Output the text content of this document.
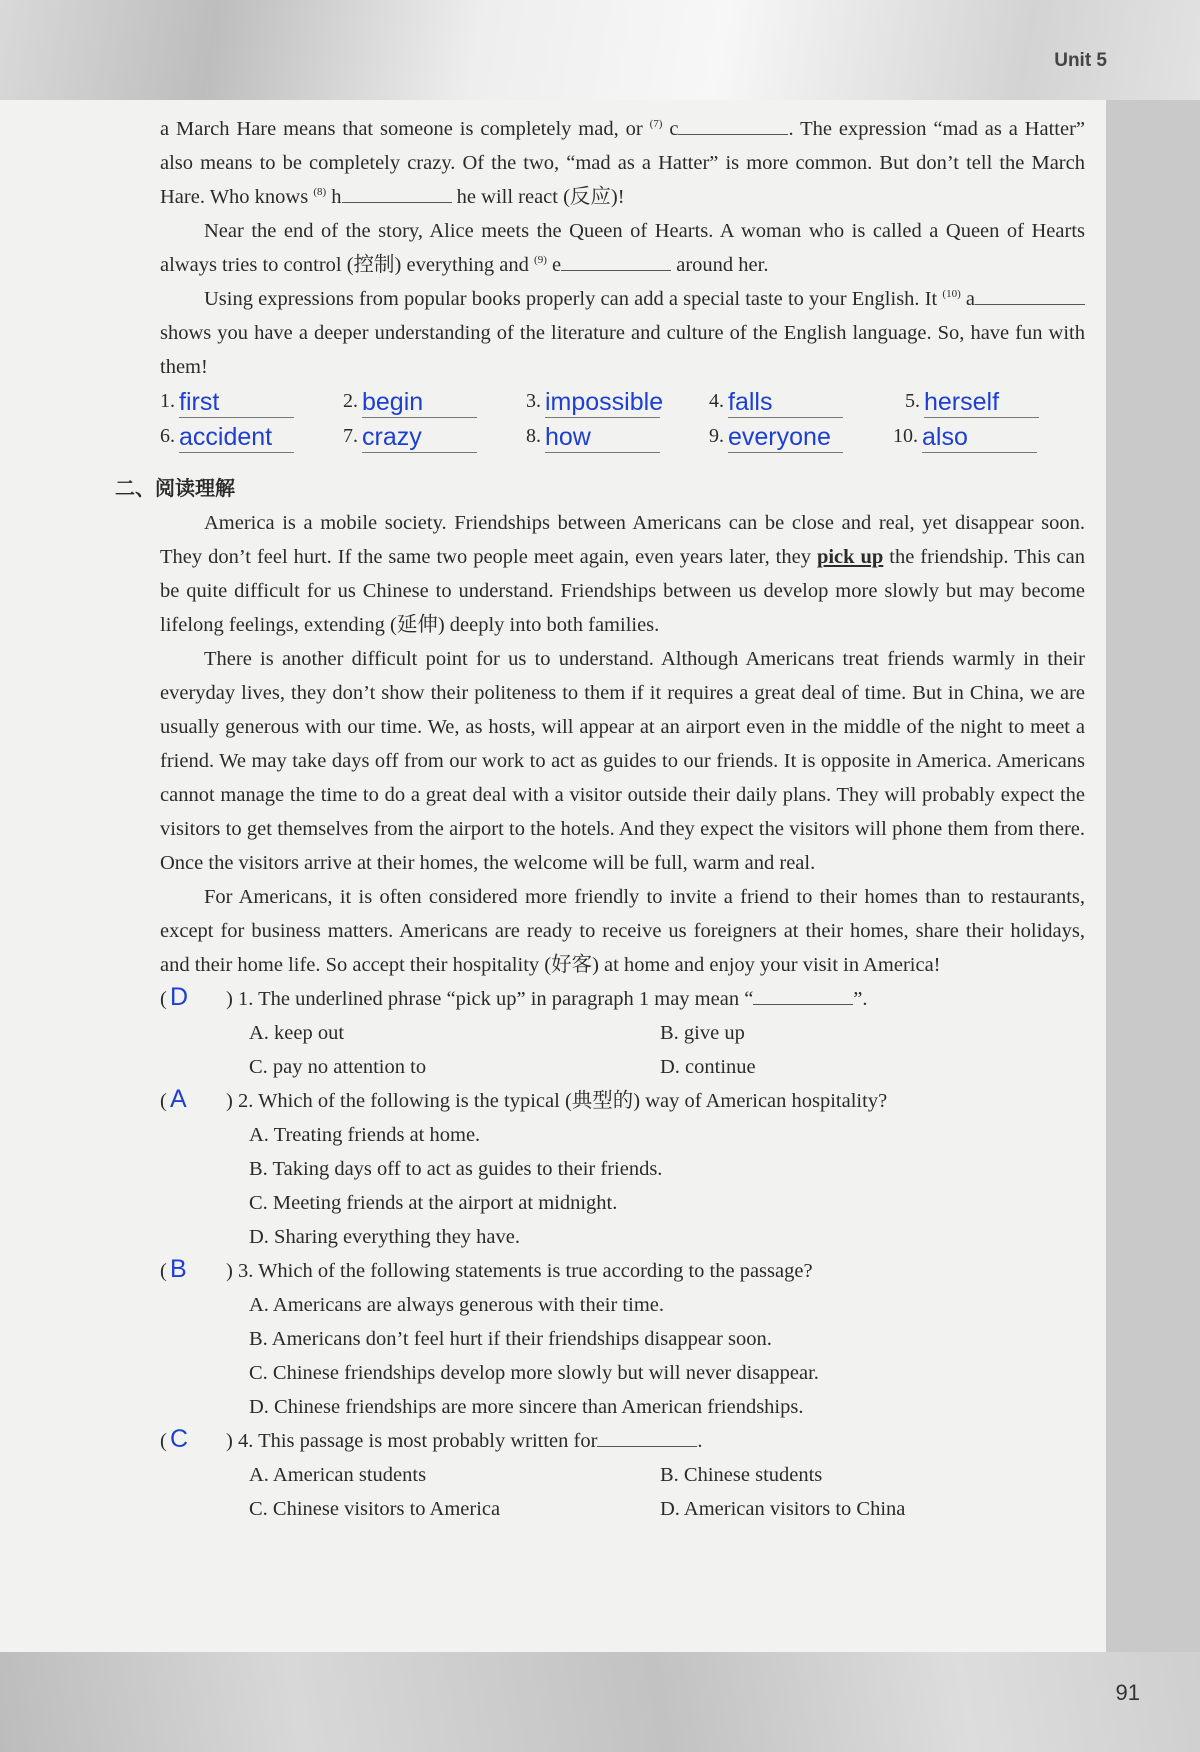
Unit 5

a March Hare means that someone is completely mad, or $^{(7)}$ c	. The expression “mad as a Hatter” also means to be completely crazy. Of the two, “mad as a Hatter” is more common. But don’t tell the March Hare. Who knows $^{(8)}$ h	he will react (反应)!

Near the end of the story, Alice meets the Queen of Hearts. A woman who is called a Queen of Hearts always tries to control (控制) everything and $^{(9)}$ e	around her.

Using expressions from popular books properly can add a special taste to your English. It $^{(10)}$ a shows you have a deeper understanding of the literature and culture of the English language. So, have fun with them!

1. first	2. begin	3. impossible 4. falls	5. herself
6. accident	7. crazy	8. how	9. everyone	10. also
二、阅读理解

America is a mobile society. Friendships between Americans can be close and real, yet disappear soon. They don’t feel hurt. If the same two people meet again, even years later, they pick up the friendship. This can be quite difficult for us Chinese to understand. Friendships between us develop more slowly but may become lifelong feelings, extending (延伸) deeply into both families.

There is another difficult point for us to understand. Although Americans treat friends warmly in their everyday lives, they don’t show their politeness to them if it requires a great deal of time. But in China, we are usually generous with our time. We, as hosts, will appear at an airport even in the middle of the night to meet a friend. We may take days off from our work to act as guides to our friends. It is opposite in America. Americans cannot manage the time to do a great deal with a visitor outside their daily plans. They will probably expect the visitors to get themselves from the airport to the hotels. And they expect the visitors will phone them from there. Once the visitors arrive at their homes, the welcome will be full, warm and real.

For Americans, it is often considered more friendly to invite a friend to their homes than to restaurants, except for business matters. Americans are ready to receive us foreigners at their homes, share their holidays, and their home life. So accept their hospitality (好客) at home and enjoy your visit in America!

( D ) 1. The underlined phrase “pick up” in paragraph 1 may mean “	”.
A. keep out	B. give up
C. pay no attention to	D. continue
( A ) 2. Which of the following is the typical (典型的) way of American hospitality?
A. Treating friends at home.
B. Taking days off to act as guides to their friends.
C. Meeting friends at the airport at midnight.
D. Sharing everything they have.
( B ) 3. Which of the following statements is true according to the passage?
A. Americans are always generous with their time.
B. Americans don’t feel hurt if their friendships disappear soon.
C. Chinese friendships develop more slowly but will never disappear.
D. Chinese friendships are more sincere than American friendships.
( C ) 4. This passage is most probably written for	.
A. American students	B. Chinese students
C. Chinese visitors to America	D. American visitors to China
91
